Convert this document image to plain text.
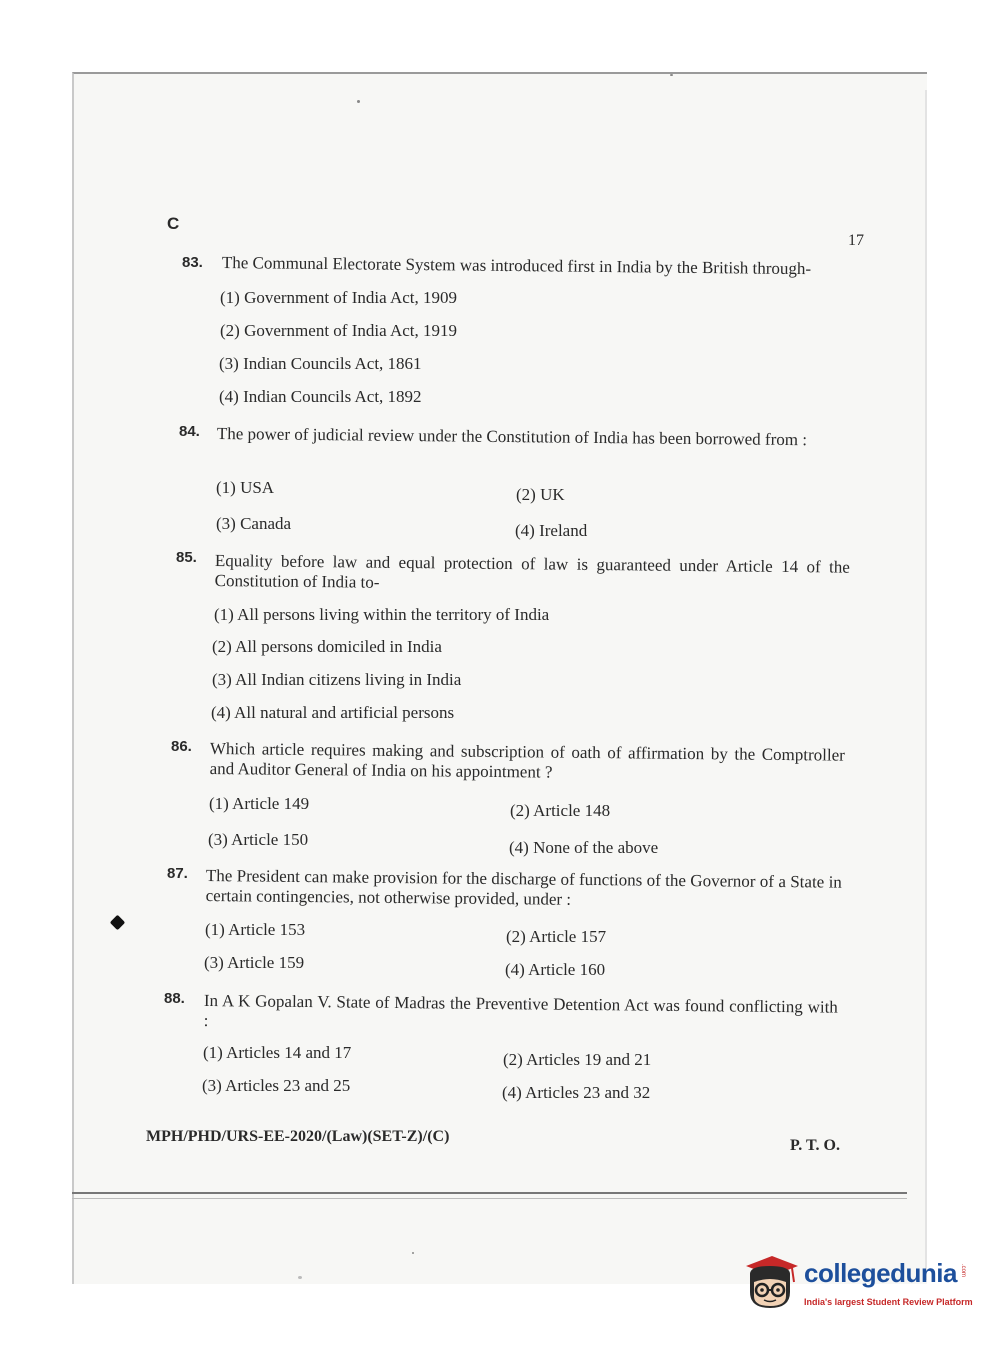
C
17
83. The Communal Electorate System was introduced first in India by the British through-
(1) Government of India Act, 1909
(2) Government of India Act, 1919
(3) Indian Councils Act, 1861
(4) Indian Councils Act, 1892
84. The power of judicial review under the Constitution of India has been borrowed from :
(1) USA	(2) UK
(3) Canada	(4) Ireland
85. Equality before law and equal protection of law is guaranteed under Article 14 of the Constitution of India to-
(1) All persons living within the territory of India
(2) All persons domiciled in India
(3) All Indian citizens living in India
(4) All natural and artificial persons
86. Which article requires making and subscription of oath of affirmation by the Comptroller and Auditor General of India on his appointment ?
(1) Article 149	(2) Article 148
(3) Article 150	(4) None of the above
87. The President can make provision for the discharge of functions of the Governor of a State in certain contingencies, not otherwise provided, under :
(1) Article 153	(2) Article 157
(3) Article 159	(4) Article 160
88. In A K Gopalan V. State of Madras the Preventive Detention Act was found conflicting with :
(1) Articles 14 and 17	(2) Articles 19 and 21
(3) Articles 23 and 25	(4) Articles 23 and 32
MPH/PHD/URS-EE-2020/(Law)(SET-Z)/(C)
P. T. O.
collegedunia .com
India's largest Student Review Platform
